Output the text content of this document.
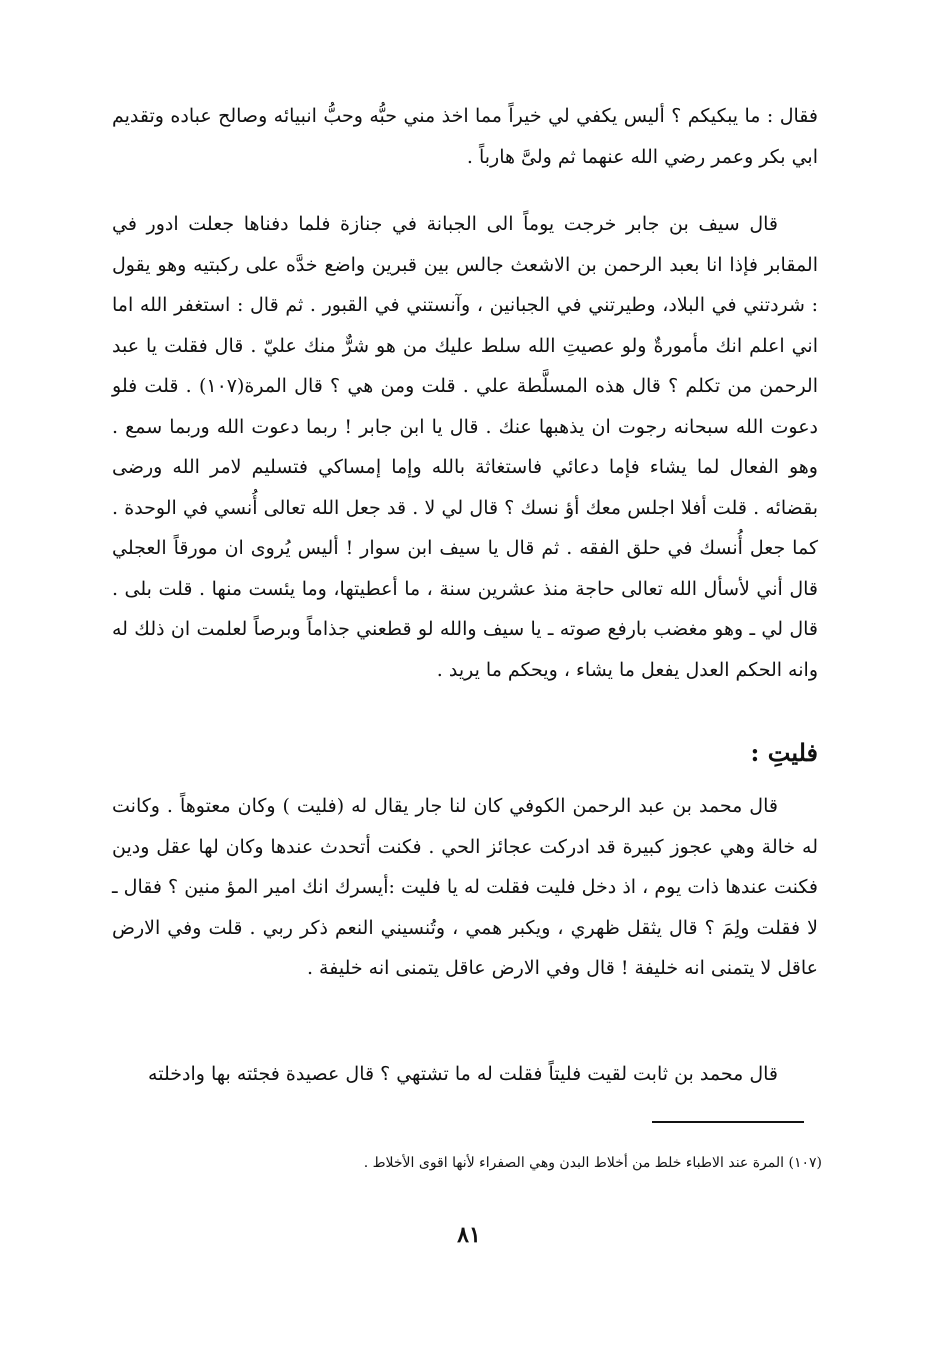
فقال : ما يبكيكم ؟ أليس يكفي لي خيراً مما اخذ مني حبُّه وحبُّ انبيائه وصالح عباده وتقديم ابي بكر وعمر رضي الله عنهما ثم ولىَّ هارباً .

قال سيف بن جابر خرجت يوماً الى الجبانة في جنازة فلما دفناها جعلت ادور في المقابر فإذا انا بعبد الرحمن بن الاشعث جالس بين قبرين واضع خدَّه على ركبتيه وهو يقول : شردتني في البلاد، وطيرتني في الجبانين ، وآنستني في القبور . ثم قال : استغفر الله اما اني اعلم انك مأمورةٌ ولو عصيتِ الله سلط عليك من هو شرٌّ منك عليّ . قال فقلت يا عبد الرحمن من تكلم ؟ قال هذه المسلَّطة علي . قلت ومن هي ؟ قال المرة(١٠٧) . قلت فلو دعوت الله سبحانه رجوت ان يذهبها عنك . قال يا ابن جابر ! ربما دعوت الله وربما سمع . وهو الفعال لما يشاء فإما دعائي فاستغاثة بالله وإما إمساكي فتسليم لامر الله ورضى بقضائه . قلت أفلا اجلس معك أؤ نسك ؟ قال لي لا . قد جعل الله تعالى أُنسي في الوحدة . كما جعل أُنسك في حلق الفقه . ثم قال يا سيف ابن سوار ! أليس يُروى ان مورقاً العجلي قال أني لأسأل الله تعالى حاجة منذ عشرين سنة ، ما أعطيتها، وما يئست منها . قلت بلى . قال لي ـ وهو مغضب بارفع صوته ـ يا سيف والله لو قطعني جذاماً وبرصاً لعلمت ان ذلك له وانه الحكم العدل يفعل ما يشاء ، ويحكم ما يريد .

فليتِ :

قال محمد بن عبد الرحمن الكوفي كان لنا جار يقال له (فليت ) وكان معتوهاً . وكانت له خالة وهي عجوز كبيرة قد ادركت عجائز الحي . فكنت أتحدث عندها وكان لها عقل ودين فكنت عندها ذات يوم ، اذ دخل فليت فقلت له يا فليت :أيسرك انك امير المؤ منين ؟ فقال ـ لا فقلت ولِمَ ؟ قال يثقل ظهري ، ويكبر همي ، وتُنسيني النعم ذكر ربي . قلت وفي الارض عاقل لا يتمنى انه خليفة ! قال وفي الارض عاقل يتمنى انه خليفة .

قال محمد بن ثابت لقيت فليتاً فقلت له ما تشتهي ؟ قال عصيدة فجئته بها وادخلته

(١٠٧) المرة عند الاطباء خلط من أخلاط البدن وهي الصفراء لأنها اقوى الأخلاط .

٨١
